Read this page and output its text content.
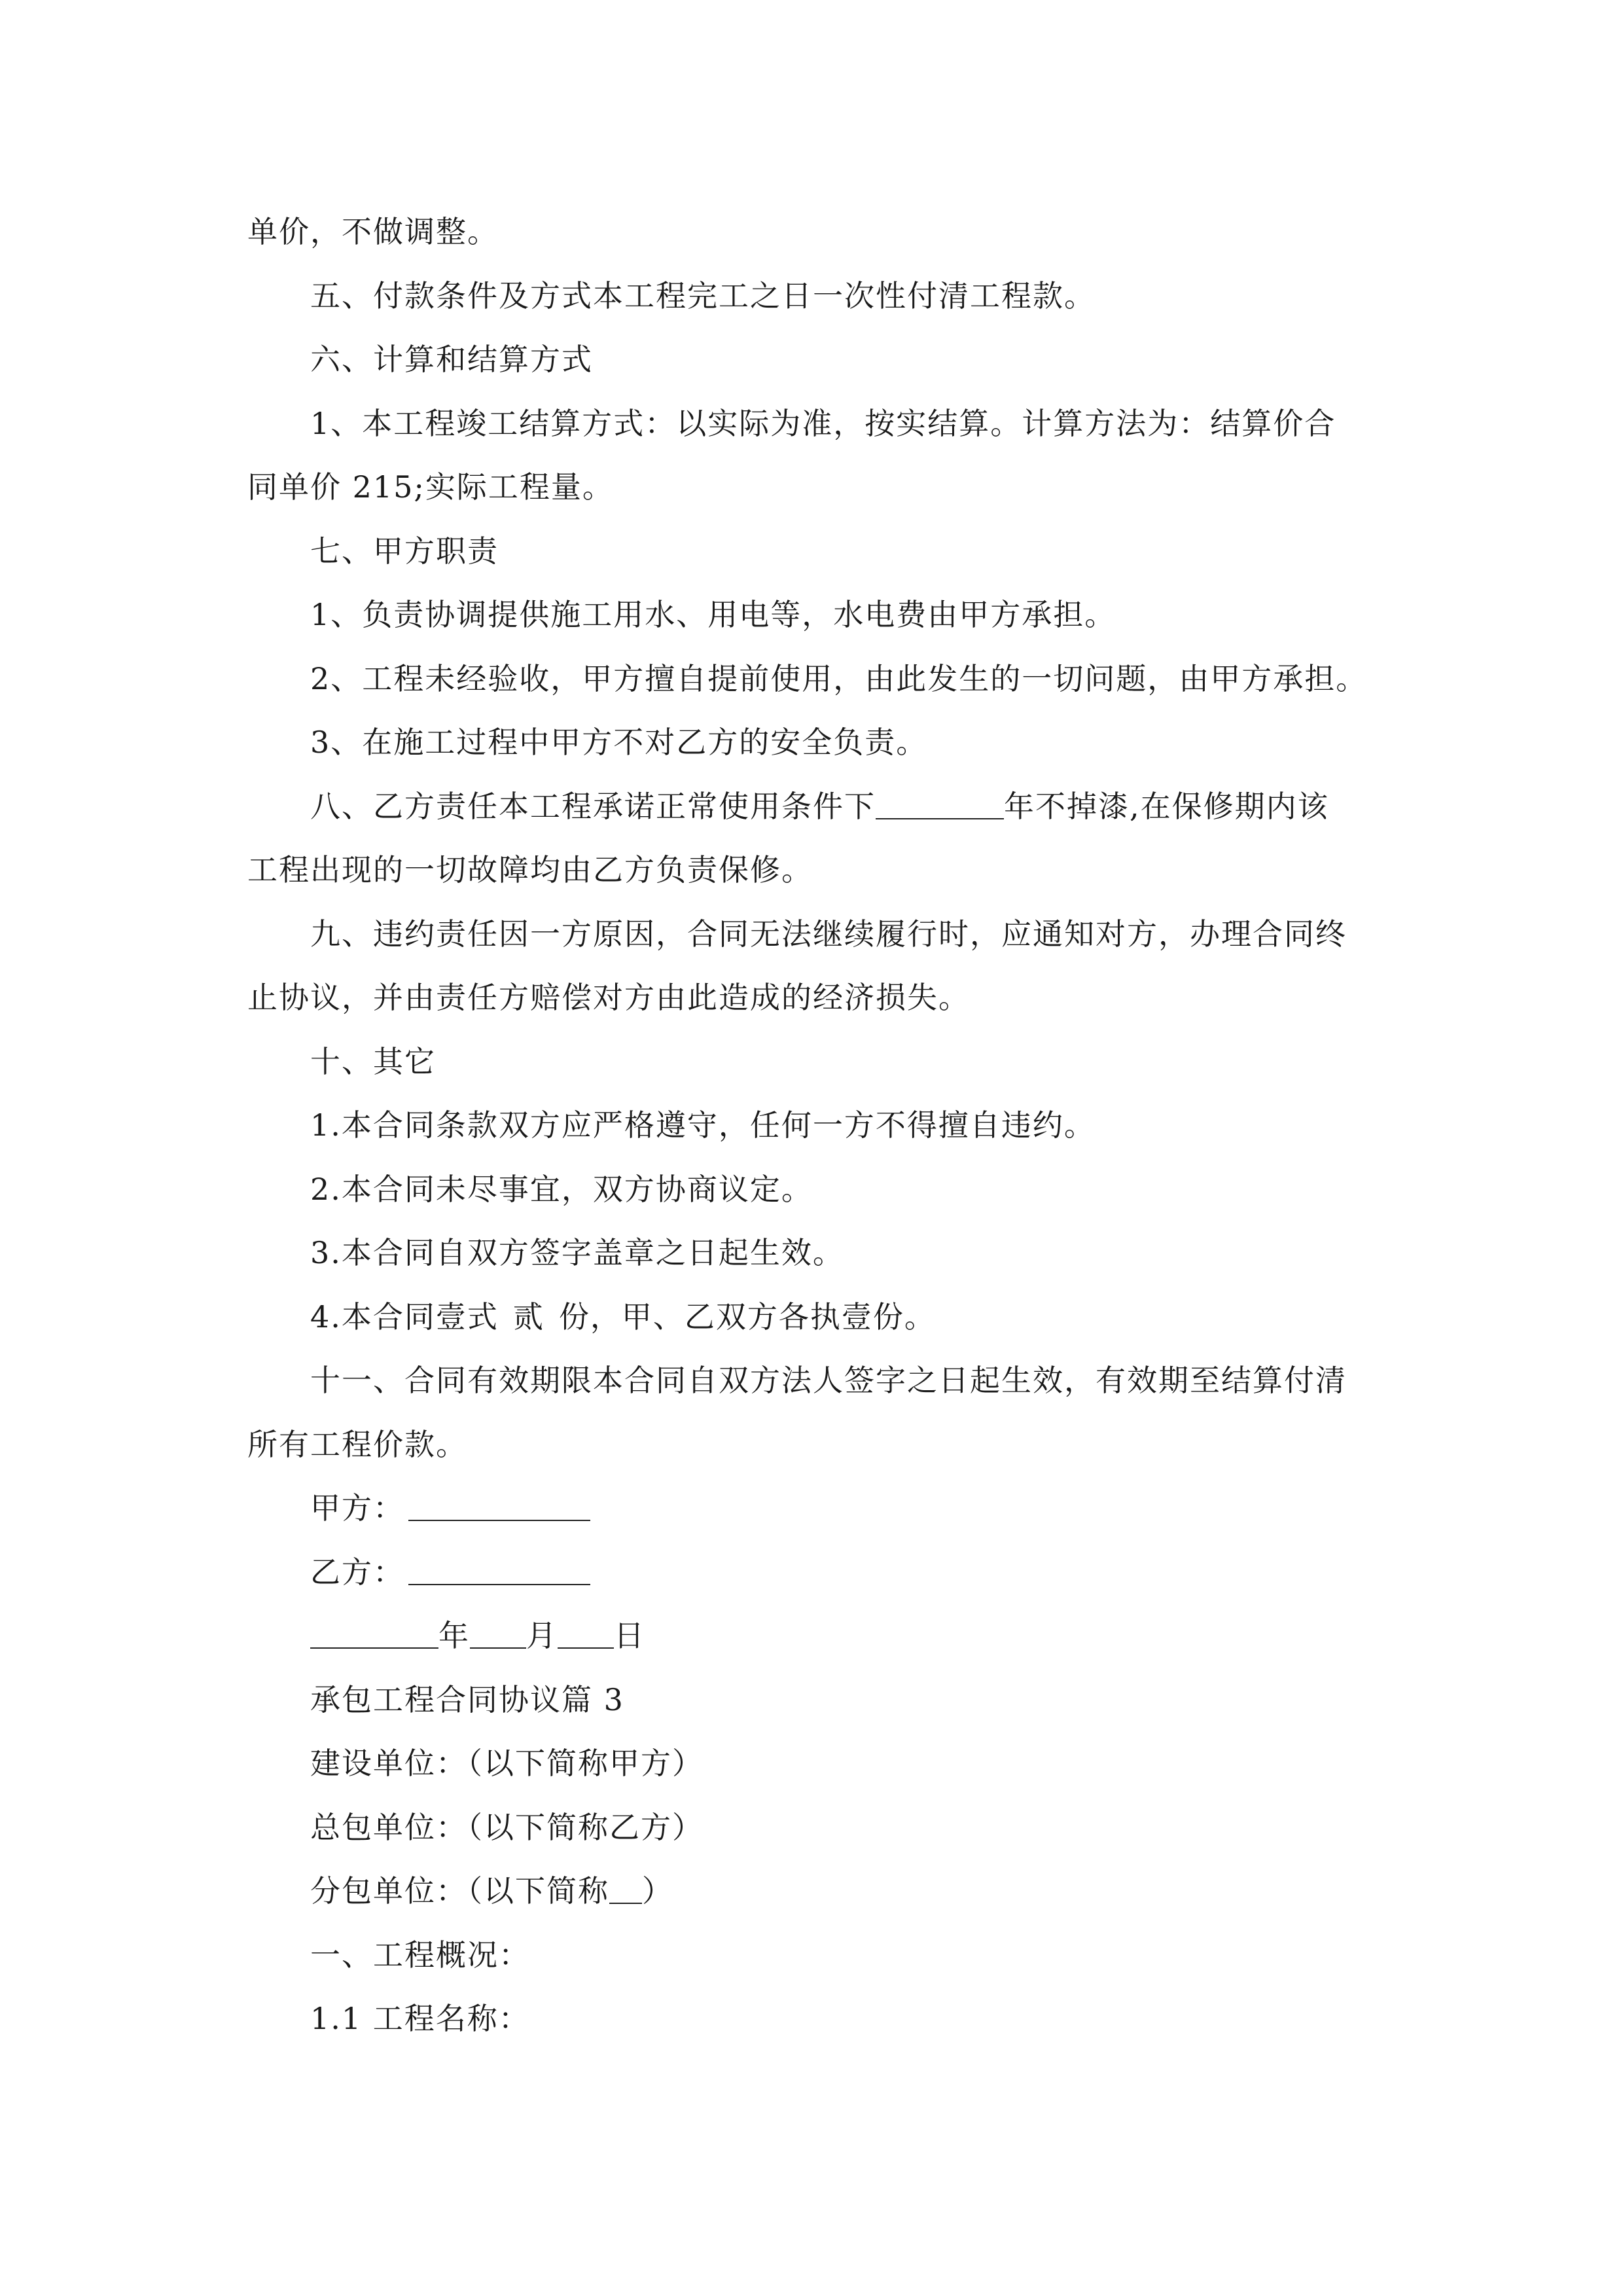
单价，不做调整。
五、付款条件及方式本工程完工之日一次性付清工程款。
六、计算和结算方式
1、本工程竣工结算方式：以实际为准，按实结算。计算方法为：结算价合
同单价 215;实际工程量。
七、甲方职责
1、负责协调提供施工用水、用电等，水电费由甲方承担。
2、工程未经验收，甲方擅自提前使用，由此发生的一切问题，由甲方承担。
3、在施工过程中甲方不对乙方的安全负责。
八、乙方责任本工程承诺正常使用条件下	年不掉漆,在保修期内该
工程出现的一切故障均由乙方负责保修。
九、违约责任因一方原因，合同无法继续履行时，应通知对方，办理合同终
止协议，并由责任方赔偿对方由此造成的经济损失。
十、其它
1.本合同条款双方应严格遵守，任何一方不得擅自违约。
2.本合同未尽事宜，双方协商议定。
3.本合同自双方签字盖章之日起生效。
4.本合同壹式 贰 份，甲、乙双方各执壹份。
十一、合同有效期限本合同自双方法人签字之日起生效，有效期至结算付清
所有工程价款。
甲方：
乙方：
年 月 日
承包工程合同协议篇 3
建设单位：（以下简称甲方）
总包单位：（以下简称乙方）
分包单位：（以下简称 ）
一、工程概况：
1.1 工程名称：
